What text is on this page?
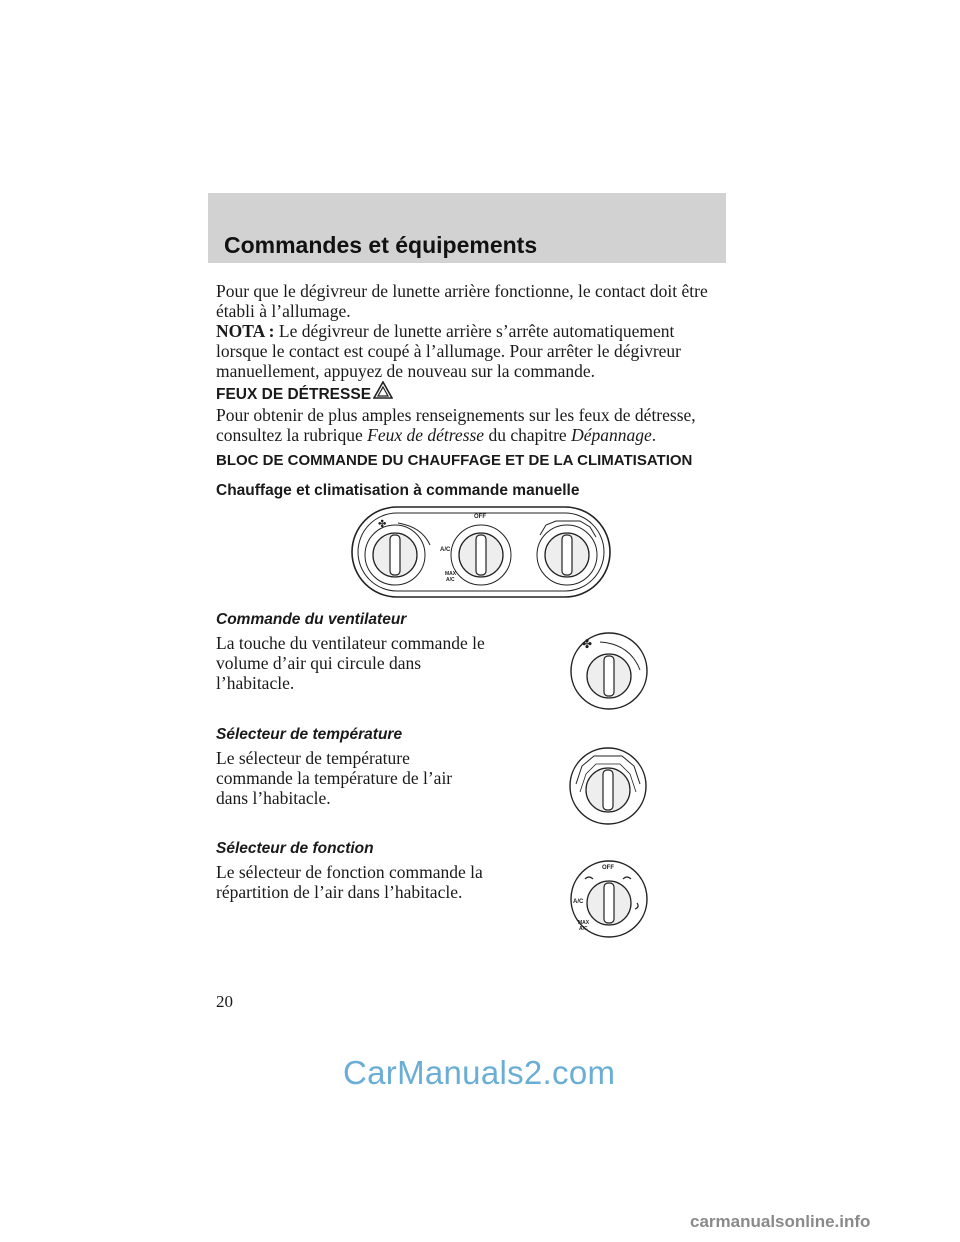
Commandes et équipements

Pour que le dégivreur de lunette arrière fonctionne, le contact doit être établi à l’allumage.

NOTA : Le dégivreur de lunette arrière s’arrête automatiquement lorsque le contact est coupé à l’allumage. Pour arrêter le dégivreur manuellement, appuyez de nouveau sur la commande.

FEUX DE DÉTRESSE

Pour obtenir de plus amples renseignements sur les feux de détresse, consultez la rubrique Feux de détresse du chapitre Dépannage.

BLOC DE COMMANDE DU CHAUFFAGE ET DE LA CLIMATISATION
Chauffage et climatisation à commande manuelle
✤
OFF
A/C
MAX
A/C
Commande du ventilateur

La touche du ventilateur commande le volume d’air qui circule dans l’habitacle.

✤
Sélecteur de température

Le sélecteur de température commande la température de l’air dans l’habitacle.

Sélecteur de fonction

Le sélecteur de fonction commande la répartition de l’air dans l’habitacle.

OFF
A/C
MAX
A/C
20
CarManuals2.com
carmanualsonline.info
